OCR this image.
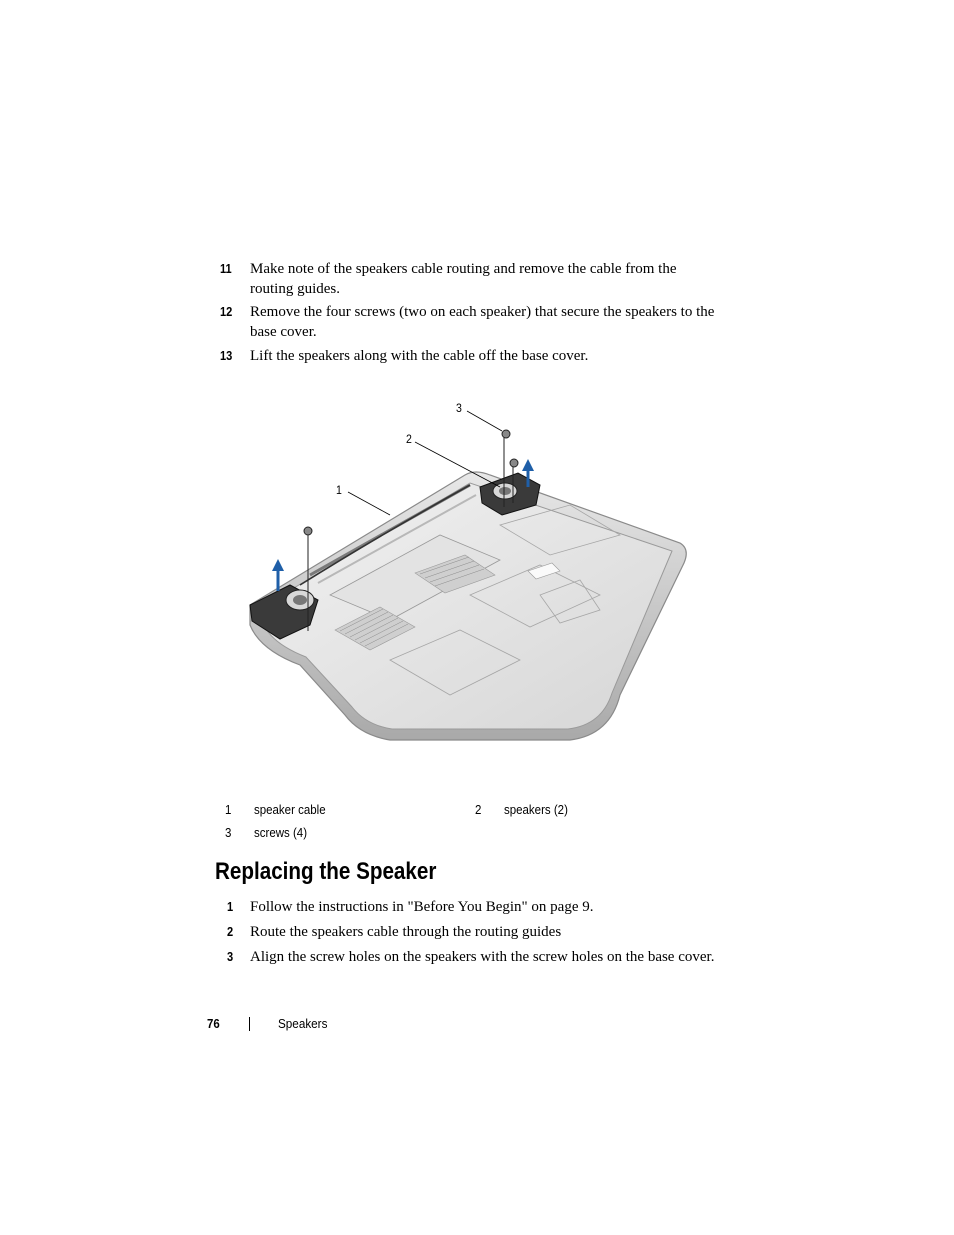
11 Make note of the speakers cable routing and remove the cable from the routing guides.
12 Remove the four screws (two on each speaker) that secure the speakers to the base cover.
13 Lift the speakers along with the cable off the base cover.
1
2
3
1 speaker cable	2 speakers (2)
3 screws (4)
Replacing the Speaker
1 Follow the instructions in "Before You Begin" on page 9.
2 Route the speakers cable through the routing guides
3 Align the screw holes on the speakers with the screw holes on the base cover.
76	Speakers
